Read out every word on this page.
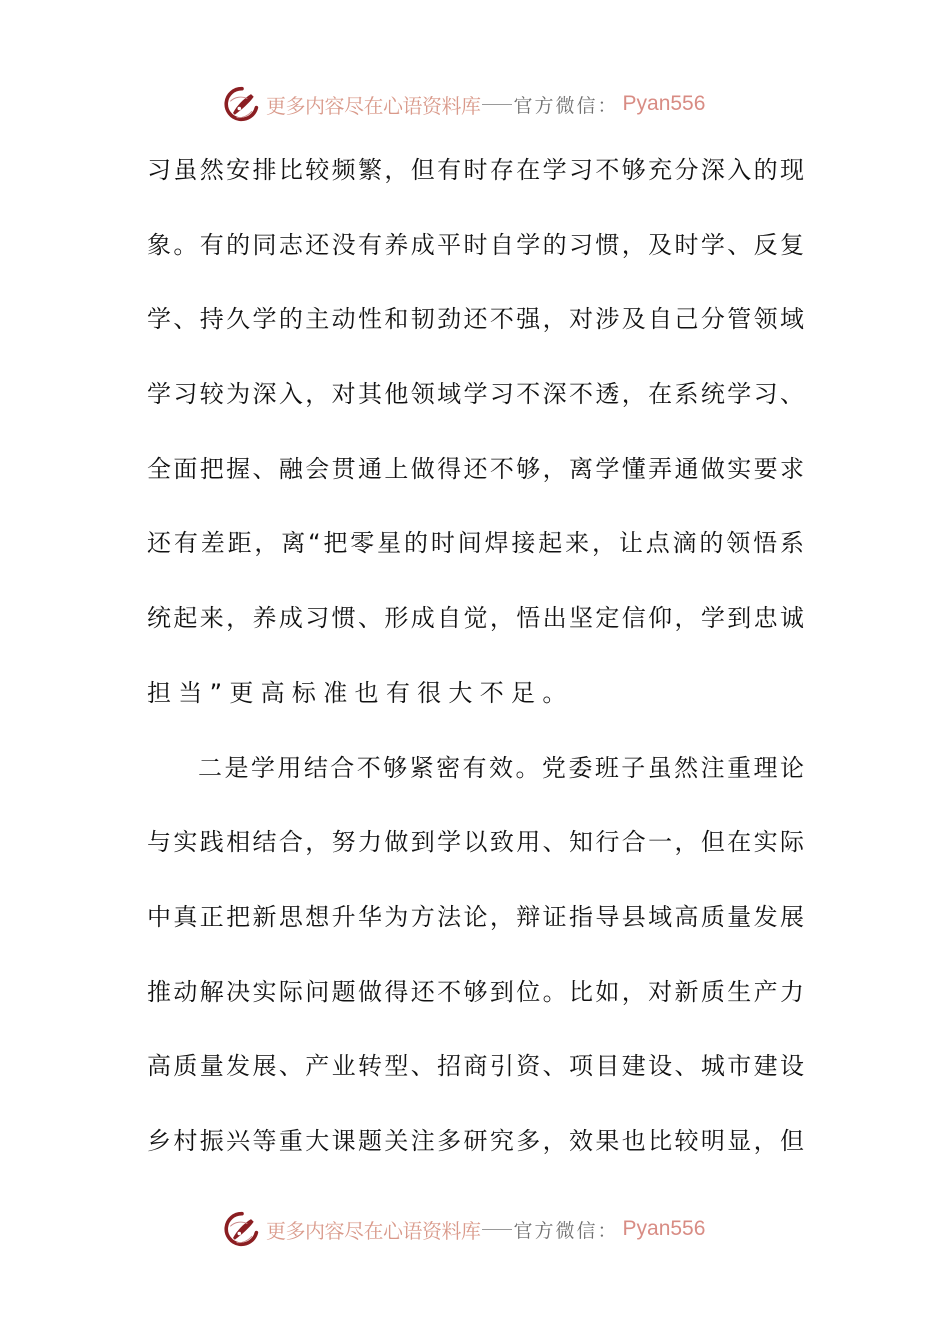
更多内容尽在心语资料库 官方微信： Pyan556
习虽然安排比较频繁，但有时存在学习不够充分深入的现
象。有的同志还没有养成平时自学的习惯，及时学、反复
学、持久学的主动性和韧劲还不强，对涉及自己分管领域
学习较为深入，对其他领域学习不深不透，在系统学习、
全面把握、融会贯通上做得还不够，离学懂弄通做实要求
还有差距，离“把零星的时间焊接起来，让点滴的领悟系
统起来，养成习惯、形成自觉，悟出坚定信仰，学到忠诚
担当”更高标准也有很大不足。
二是学用结合不够紧密有效。党委班子虽然注重理论
与实践相结合，努力做到学以致用、知行合一，但在实际
中真正把新思想升华为方法论，辩证指导县域高质量发展
推动解决实际问题做得还不够到位。比如，对新质生产力
高质量发展、产业转型、招商引资、项目建设、城市建设
乡村振兴等重大课题关注多研究多，效果也比较明显，但
更多内容尽在心语资料库 官方微信： Pyan556
